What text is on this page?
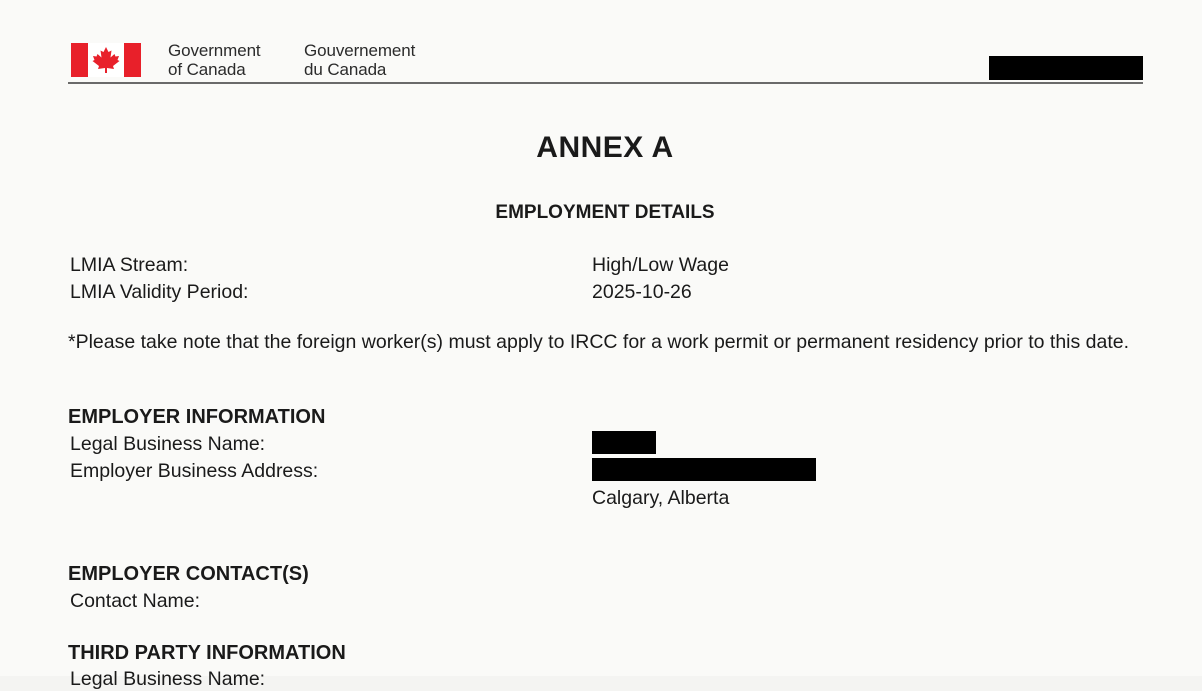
Government
of Canada
Gouvernement
du Canada
ANNEX A
EMPLOYMENT DETAILS
LMIA Stream:	High/Low Wage
LMIA Validity Period:	2025-10-26
*Please take note that the foreign worker(s) must apply to IRCC for a work permit or permanent residency prior to this date.
EMPLOYER INFORMATION
Legal Business Name:
Employer Business Address:
Calgary, Alberta
EMPLOYER CONTACT(S)
Contact Name:
THIRD PARTY INFORMATION
Legal Business Name:
